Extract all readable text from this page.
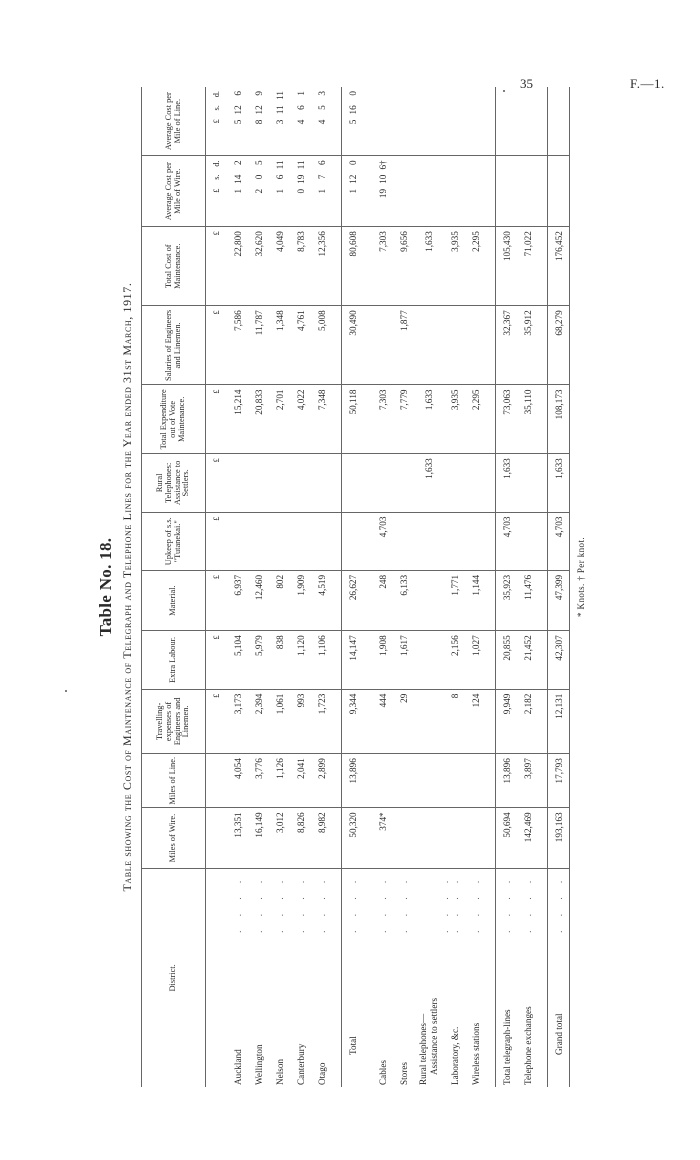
35	F.—1.
Table No. 18. Table showing the Cost of Maintenance of Telegraph and Telephone Lines for the Year ended 31st March, 1917.
District.	Miles of Wire.	Miles of Line.	Travelling-expenses of Engineers and Linemen.	Extra Labour.	Material.	Upkeep of s.s. "Tutanekai."	Rural Telephones: Assistance to Settlers.	Total Expenditure out of Vote Maintenance.	Salaries of Engineers and Linemen.	Total Cost of Maintenance.	Average Cost per Mile of Wire.	Average Cost per Mile of Line.
			£	£	£	£	£	£	£	£	£ s. d.	£ s. d.
Auckland
. . . .	13,351	4,054	3,173	5,104	6,937			15,214	7,586	22,800	1 14 2	5 12 6
Wellington
. . . .	16,149	3,776	2,394	5,979	12,460			20,833	11,787	32,620	2 0 5	8 12 9
Nelson
. . . .	3,012	1,126	1,061	838	802			2,701	1,348	4,049	1 6 11	3 11 11
Canterbury
. . . .	8,826	2,041	993	1,120	1,909			4,022	4,761	8,783	0 19 11	4 6 1
Otago
. . . .	8,982	2,899	1,723	1,106	4,519			7,348	5,008	12,356	1 7 6	4 5 3

Total
. . . .	50,320	13,896	9,344	14,147	26,627			50,118	30,490	80,608	1 12 0	5 16 0

Cables
. . . .	374*		444	1,908	248	4,703		7,303		7,303	19 10 6†	
Stores
. . . .			29	1,617	6,133			7,779	1,877	9,656		
Rural telephones— Assistance to settlers
. . . .							1,633	1,633		1,633		
Laboratory, &c.
. . . .			8	2,156	1,771			3,935		3,935		
Wireless stations
. . . .			124	1,027	1,144			2,295		2,295		

Total telegraph-lines
. . . .	50,694	13,896	9,949	20,855	35,923	4,703	1,633	73,063	32,367	105,430		
Telephone exchanges
. . . .	142,469	3,897	2,182	21,452	11,476			35,110	35,912	71,022		

Grand total
. . . .	193,163	17,793	12,131	42,307	47,399	4,703	1,633	108,173	68,279	176,452		
* Knots. † Per knot.
